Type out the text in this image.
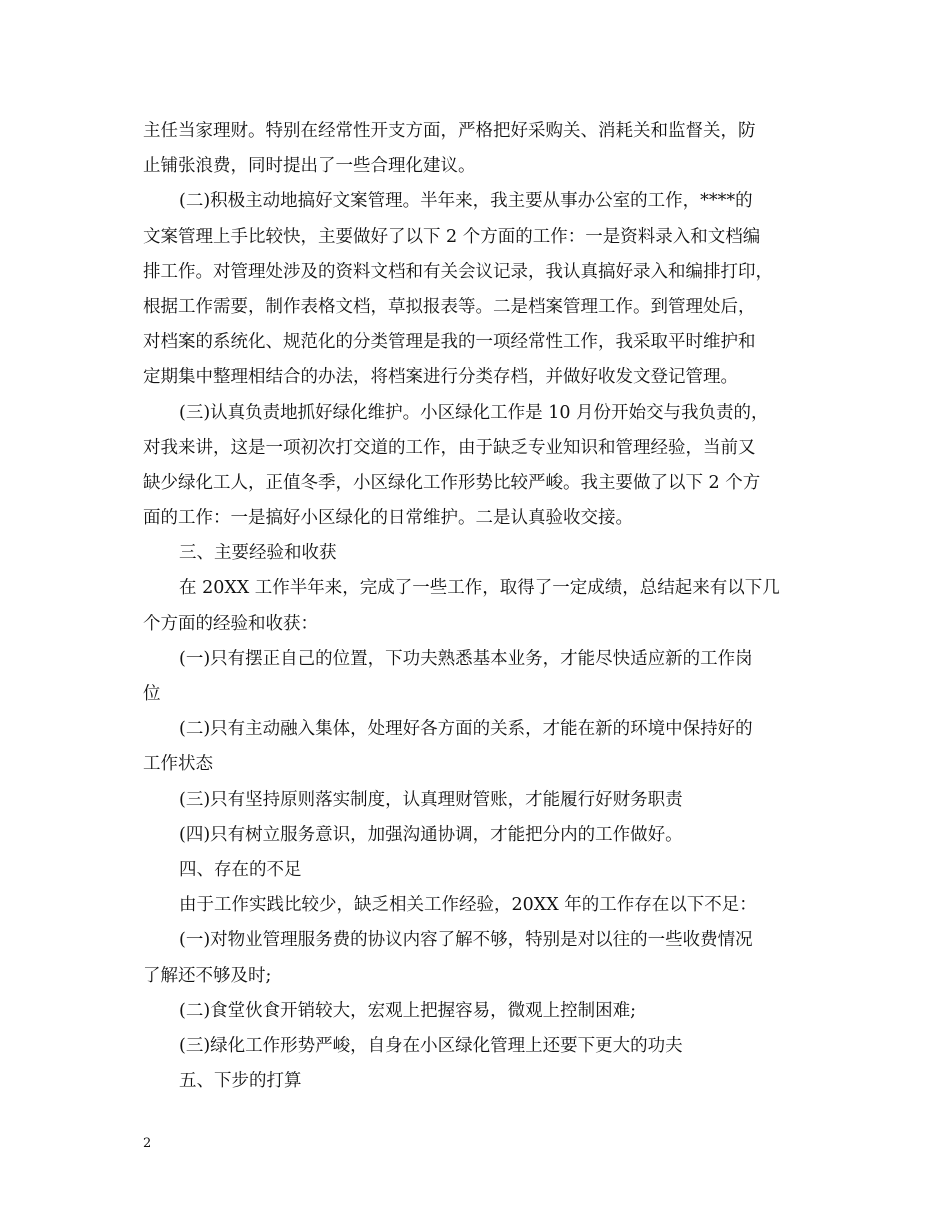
主任当家理财。特别在经常性开支方面，严格把好采购关、消耗关和监督关，防
止铺张浪费，同时提出了一些合理化建议。
(二)积极主动地搞好文案管理。半年来，我主要从事办公室的工作，****的
文案管理上手比较快，主要做好了以下 2 个方面的工作：一是资料录入和文档编
排工作。对管理处涉及的资料文档和有关会议记录，我认真搞好录入和编排打印，
根据工作需要，制作表格文档，草拟报表等。二是档案管理工作。到管理处后，
对档案的系统化、规范化的分类管理是我的一项经常性工作，我采取平时维护和
定期集中整理相结合的办法，将档案进行分类存档，并做好收发文登记管理。
(三)认真负责地抓好绿化维护。小区绿化工作是 10 月份开始交与我负责的，
对我来讲，这是一项初次打交道的工作，由于缺乏专业知识和管理经验，当前又
缺少绿化工人，正值冬季，小区绿化工作形势比较严峻。我主要做了以下 2 个方
面的工作：一是搞好小区绿化的日常维护。二是认真验收交接。
三、主要经验和收获
在 20XX 工作半年来，完成了一些工作，取得了一定成绩，总结起来有以下几
个方面的经验和收获：
(一)只有摆正自己的位置，下功夫熟悉基本业务，才能尽快适应新的工作岗
位
(二)只有主动融入集体，处理好各方面的关系，才能在新的环境中保持好的
工作状态
(三)只有坚持原则落实制度，认真理财管账，才能履行好财务职责
(四)只有树立服务意识，加强沟通协调，才能把分内的工作做好。
四、存在的不足
由于工作实践比较少，缺乏相关工作经验，20XX 年的工作存在以下不足：
(一)对物业管理服务费的协议内容了解不够，特别是对以往的一些收费情况
了解还不够及时;
(二)食堂伙食开销较大，宏观上把握容易，微观上控制困难;
(三)绿化工作形势严峻，自身在小区绿化管理上还要下更大的功夫
五、下步的打算
2
